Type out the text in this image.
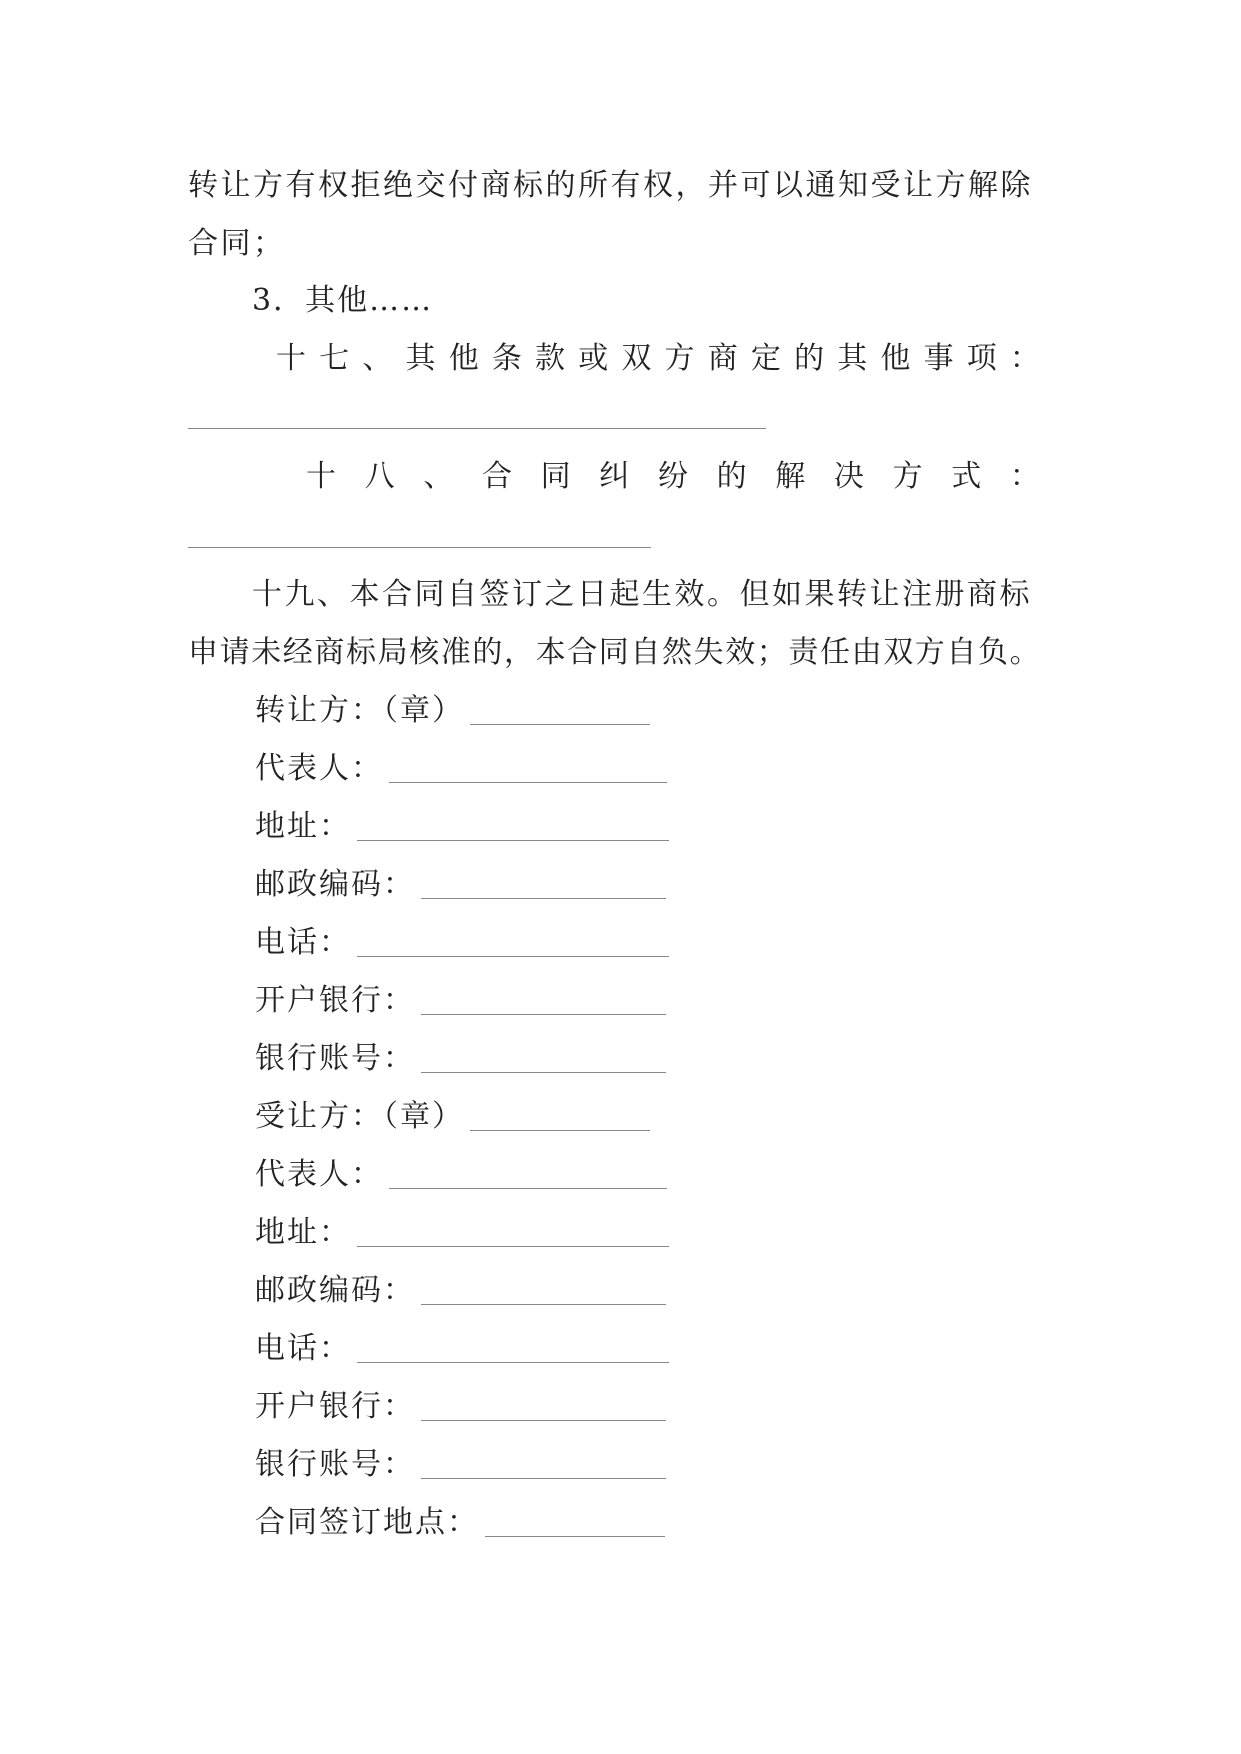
转让方有权拒绝交付商标的所有权，并可以通知受让方解除
合同；
3．其他……
十 七 、 其 他 条 款 或 双 方 商 定 的 其 他 事 项 ：
十 八 、 合 同 纠 纷 的 解 决 方 式 ：
十九、本合同自签订之日起生效。但如果转让注册商标
申请未经商标局核准的，本合同自然失效；责任由双方自负。
转让方：（章）
代表人：
地址：
邮政编码：
电话：
开户银行：
银行账号：
受让方：（章）
代表人：
地址：
邮政编码：
电话：
开户银行：
银行账号：
合同签订地点：
